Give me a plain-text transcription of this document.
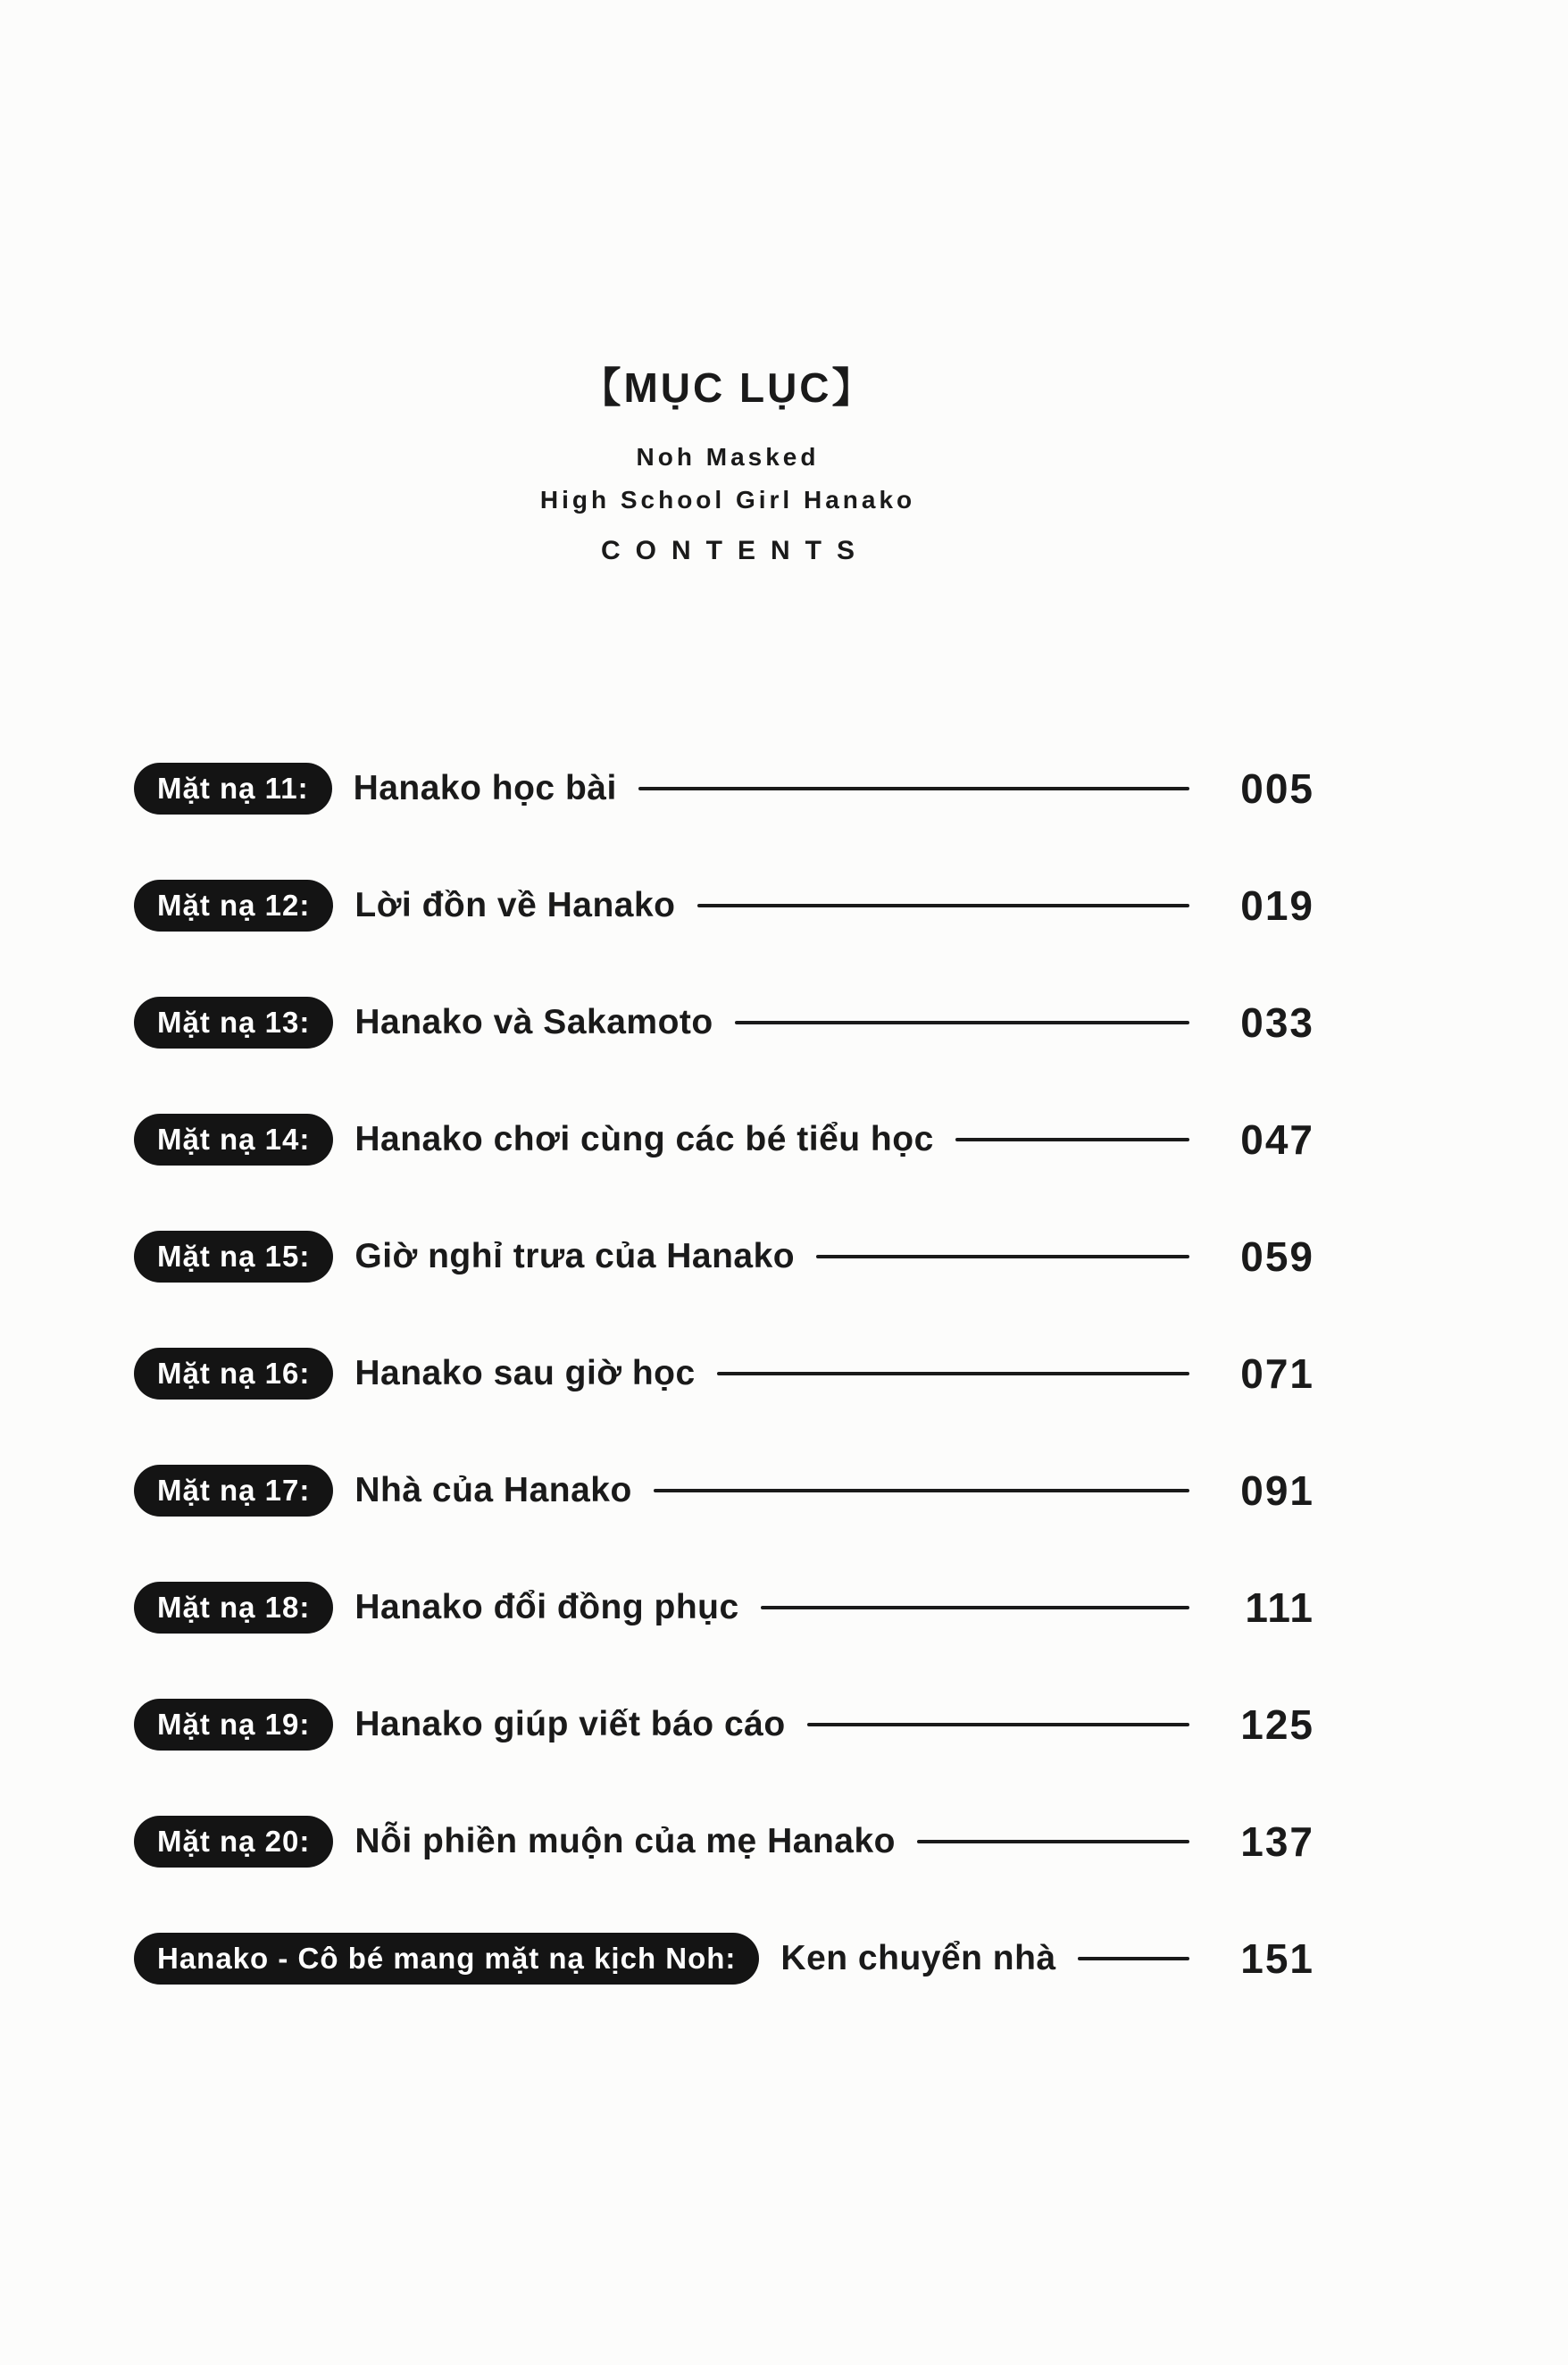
【MỤC LỤC】
Noh Masked
High School Girl Hanako
CONTENTS
Mặt nạ 11: Hanako học bài	005
Mặt nạ 12: Lời đồn về Hanako	019
Mặt nạ 13: Hanako và Sakamoto	033
Mặt nạ 14: Hanako chơi cùng các bé tiểu học	047
Mặt nạ 15: Giờ nghỉ trưa của Hanako	059
Mặt nạ 16: Hanako sau giờ học	071
Mặt nạ 17: Nhà của Hanako	091
Mặt nạ 18: Hanako đổi đồng phục	111
Mặt nạ 19: Hanako giúp viết báo cáo	125
Mặt nạ 20: Nỗi phiền muộn của mẹ Hanako	137
Hanako - Cô bé mang mặt nạ kịch Noh: Ken chuyển nhà	151
